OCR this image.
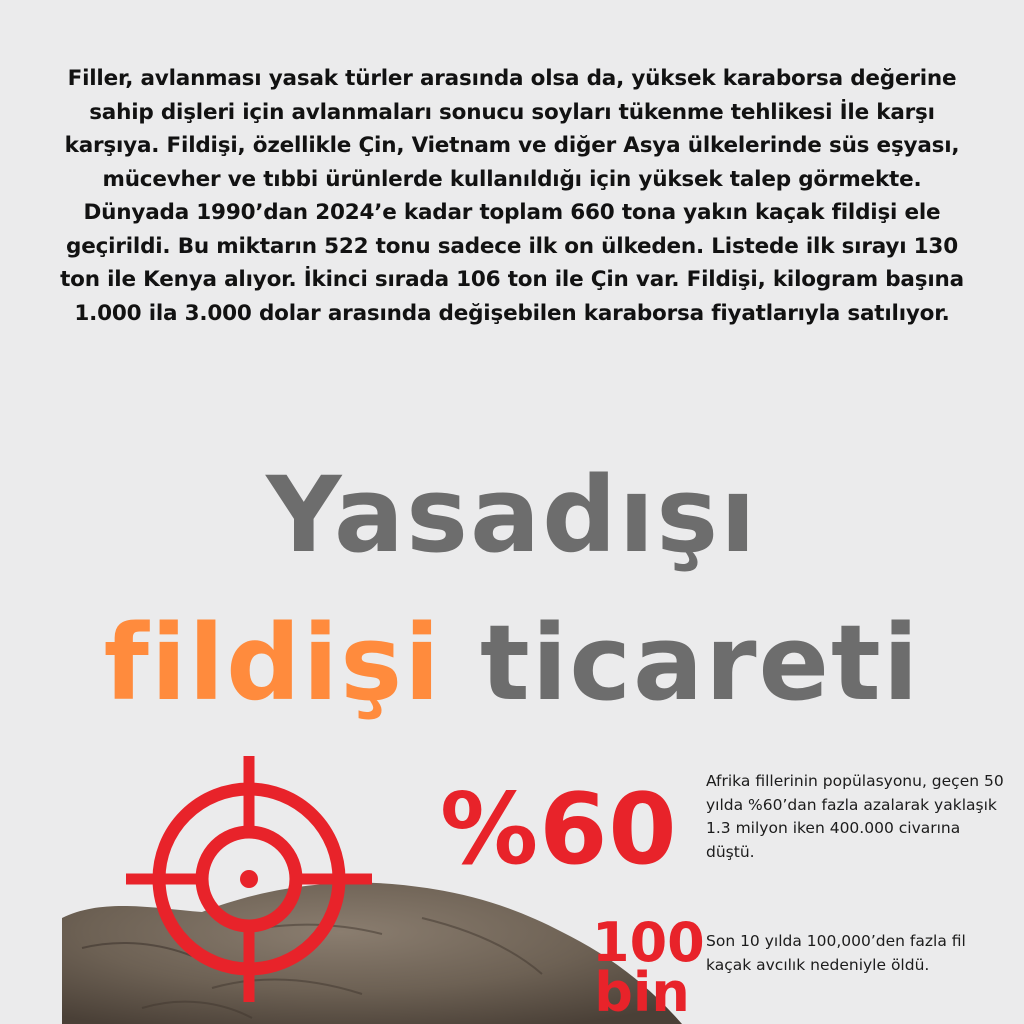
Filler, avlanması yasak türler arasında olsa da, yüksek karaborsa değerine sahip dişleri için avlanmaları sonucu soyları tükenme tehlikesi İle karşı karşıya. Fildişi, özellikle Çin, Vietnam ve diğer Asya ülkelerinde süs eşyası, mücevher ve tıbbi ürünlerde kullanıldığı için yüksek talep görmekte. Dünyada 1990’dan 2024’e kadar toplam 660 tona yakın kaçak fildişi ele geçirildi. Bu miktarın 522 tonu sadece ilk on ülkeden. Listede ilk sırayı 130 ton ile Kenya alıyor. İkinci sırada 106 ton ile Çin var. Fildişi, kilogram başına 1.000 ila 3.000 dolar arasında değişebilen karaborsa fiyatlarıyla satılıyor.
Yasadışı
fildişi ticareti
%60 Afrika fillerinin popülasyonu, geçen 50 yılda %60’dan fazla azalarak yaklaşık 1.3 milyon iken 400.000 civarına düştü.
100
bin
Son 10 yılda 100,000’den fazla fil kaçak avcılık nedeniyle öldü.
